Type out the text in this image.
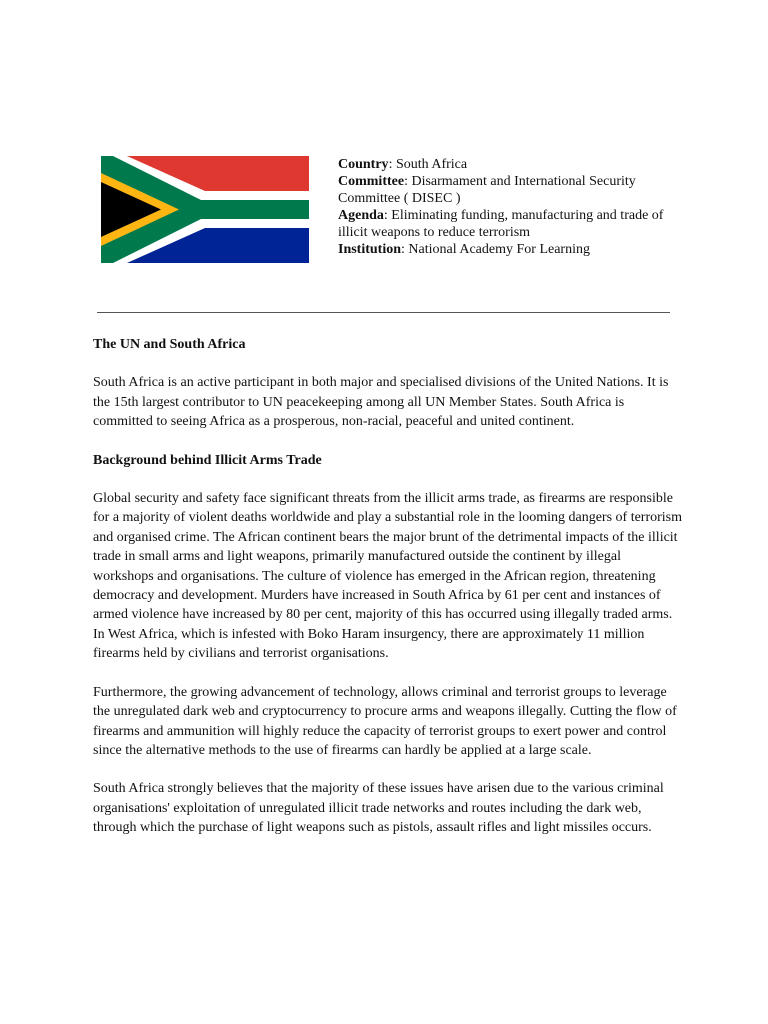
Country: South Africa
Committee: Disarmament and International Security Committee ( DISEC )
Agenda: Eliminating funding, manufacturing and trade of illicit weapons to reduce terrorism
Institution: National Academy For Learning
The UN and South Africa

South Africa is an active participant in both major and specialised divisions of the United Nations. It is the 15th largest contributor to UN peacekeeping among all UN Member States. South Africa is committed to seeing Africa as a prosperous, non-racial, peaceful and united continent.

Background behind Illicit Arms Trade

Global security and safety face significant threats from the illicit arms trade, as firearms are responsible for a majority of violent deaths worldwide and play a substantial role in the looming dangers of terrorism and organised crime. The African continent bears the major brunt of the detrimental impacts of the illicit trade in small arms and light weapons, primarily manufactured outside the continent by illegal workshops and organisations. The culture of violence has emerged in the African region, threatening democracy and development. Murders have increased in South Africa by 61 per cent and instances of armed violence have increased by 80 per cent, majority of this has occurred using illegally traded arms. In West Africa, which is infested with Boko Haram insurgency, there are approximately 11 million firearms held by civilians and terrorist organisations.

Furthermore, the growing advancement of technology, allows criminal and terrorist groups to leverage the unregulated dark web and cryptocurrency to procure arms and weapons illegally. Cutting the flow of firearms and ammunition will highly reduce the capacity of terrorist groups to exert power and control since the alternative methods to the use of firearms can hardly be applied at a large scale.

South Africa strongly believes that the majority of these issues have arisen due to the various criminal organisations' exploitation of unregulated illicit trade networks and routes including the dark web, through which the purchase of light weapons such as pistols, assault rifles and light missiles occurs.
